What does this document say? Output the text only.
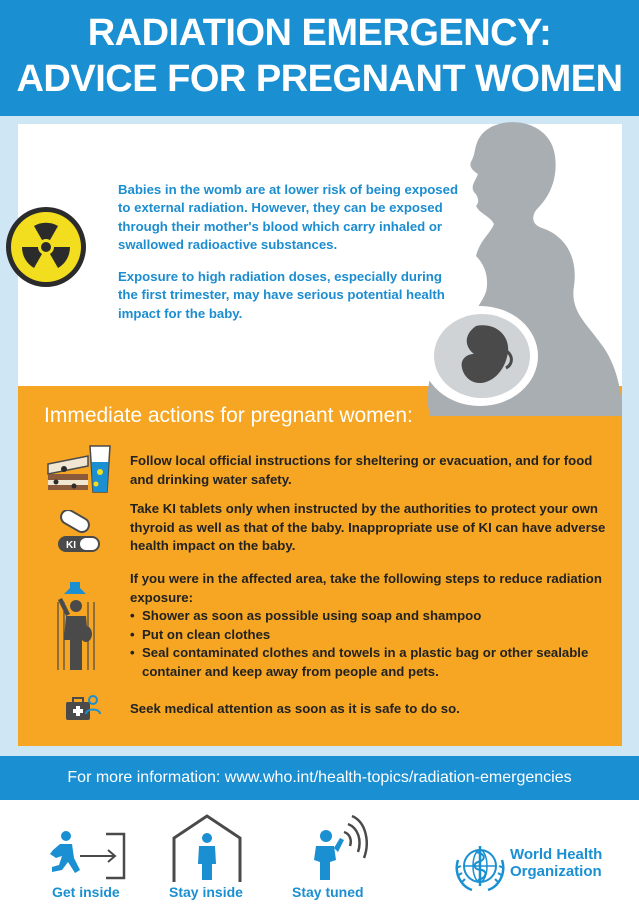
RADIATION EMERGENCY:
ADVICE FOR PREGNANT WOMEN

Babies in the womb are at lower risk of being exposed to external radiation. However, they can be exposed through their mother's blood which carry inhaled or swallowed radioactive substances.

Exposure to high radiation doses, especially during the first trimester, may have serious potential health impact for the baby.

Immediate actions for pregnant women:
Follow local official instructions for sheltering or evacuation, and for food and drinking water safety.
KI
Take KI tablets only when instructed by the authorities to protect your own thyroid as well as that of the baby. Inappropriate use of KI can have adverse health impact on the baby.
If you were in the affected area, take the following steps to reduce radiation exposure:
• Shower as soon as possible using soap and shampoo
• Put on clean clothes
• Seal contaminated clothes and towels in a plastic bag or other sealable container and keep away from people and pets.
Seek medical attention as soon as it is safe to do so.
For more information: www.who.int/health-topics/radiation-emergencies
Get inside	Stay inside	Stay tuned
World Health
Organization
